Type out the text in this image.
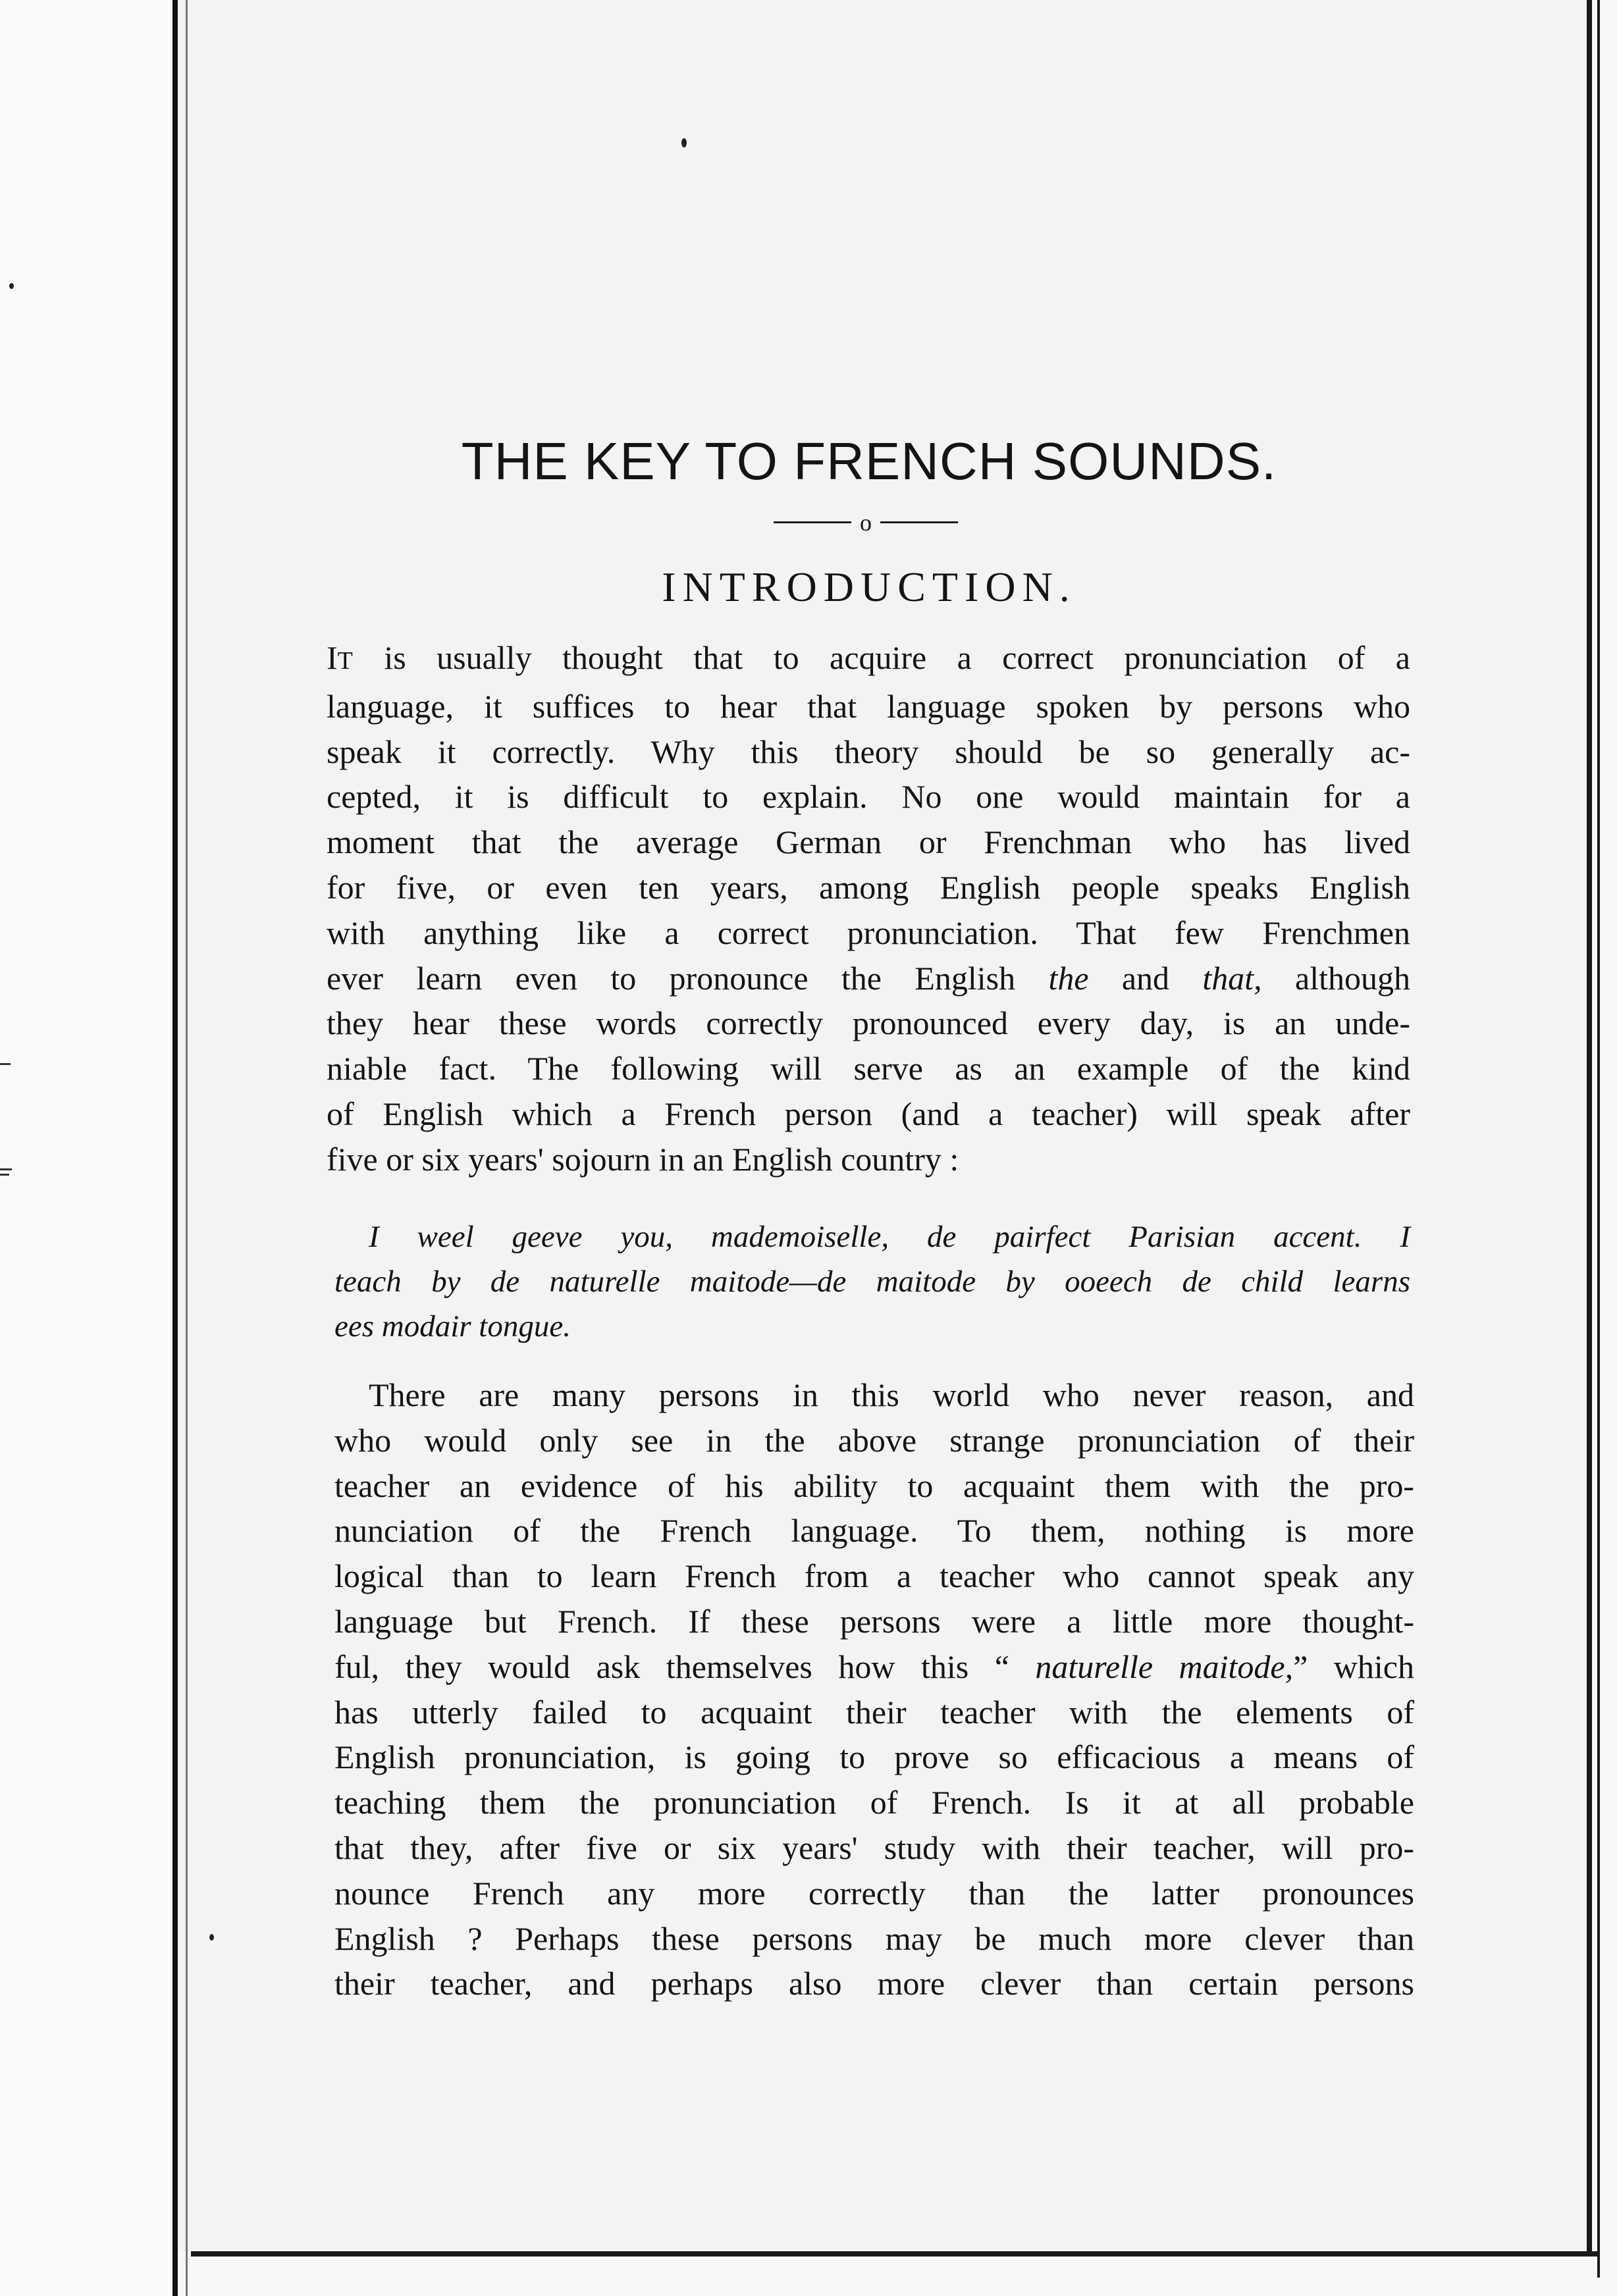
THE KEY TO FRENCH SOUNDS.
o
INTRODUCTION.
IT is usually thought that to acquire a correct pronunciation of a
language, it suffices to hear that language spoken by persons who
speak it correctly. Why this theory should be so generally ac-
cepted, it is difficult to explain. No one would maintain for a
moment that the average German or Frenchman who has lived
for five, or even ten years, among English people speaks English
with anything like a correct pronunciation. That few Frenchmen
ever learn even to pronounce the English the and that, although
they hear these words correctly pronounced every day, is an unde-
niable fact. The following will serve as an example of the kind
of English which a French person (and a teacher) will speak after
five or six years' sojourn in an English country :
I weel geeve you, mademoiselle, de pairfect Parisian accent. I
teach by de naturelle maitode—de maitode by ooeech de child learns
ees modair tongue.
There are many persons in this world who never reason, and
who would only see in the above strange pronunciation of their
teacher an evidence of his ability to acquaint them with the pro-
nunciation of the French language. To them, nothing is more
logical than to learn French from a teacher who cannot speak any
language but French. If these persons were a little more thought-
ful, they would ask themselves how this “ naturelle maitode,” which
has utterly failed to acquaint their teacher with the elements of
English pronunciation, is going to prove so efficacious a means of
teaching them the pronunciation of French. Is it at all probable
that they, after five or six years' study with their teacher, will pro-
nounce French any more correctly than the latter pronounces
English ? Perhaps these persons may be much more clever than
their teacher, and perhaps also more clever than certain persons
